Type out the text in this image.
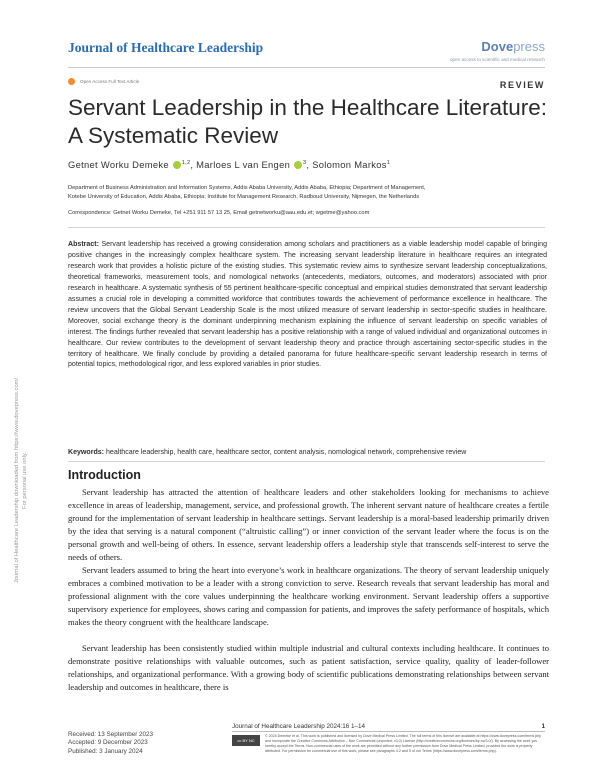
Journal of Healthcare Leadership	Dovepress
open access to scientific and medical research
Open Access Full Text Article	REVIEW
Servant Leadership in the Healthcare Literature:
A Systematic Review
Getnet Worku Demeke $^{1,2}$, Marloes L van Engen $^3$, Solomon Markos$^1$
Department of Business Administration and Information Systems, Addis Ababa University, Addis Ababa, Ethiopia; Department of Management,
Kotebe University of Education, Addis Ababa, Ethiopia; Institute for Management Research, Radboud University, Nijmegen, the Netherlands
Correspondence: Getnet Worku Demeke, Tel +251 911 57 13 25, Email getnetworku@aau.edu.et; wgetme@yahoo.com
Abstract: Servant leadership has received a growing consideration among scholars and practitioners as a viable leadership model capable of bringing positive changes in the increasingly complex healthcare system. The increasing servant leadership literature in healthcare requires an integrated research work that provides a holistic picture of the existing studies. This systematic review aims to synthesize servant leadership conceptualizations, theoretical frameworks, measurement tools, and nomological networks (antecedents, mediators, outcomes, and moderators) associated with prior research in healthcare. A systematic synthesis of 55 pertinent healthcare-specific conceptual and empirical studies demonstrated that servant leadership assumes a crucial role in developing a committed workforce that contributes towards the achievement of performance excellence in healthcare. The review uncovers that the Global Servant Leadership Scale is the most utilized measure of servant leadership in sector-specific studies in healthcare. Moreover, social exchange theory is the dominant underpinning mechanism explaining the influence of servant leadership on specific variables of interest. The findings further revealed that servant leadership has a positive relationship with a range of valued individual and organizational outcomes in healthcare. Our review contributes to the development of servant leadership theory and practice through ascertaining sector-specific studies in the territory of healthcare. We finally conclude by providing a detailed panorama for future healthcare-specific servant leadership research in terms of potential topics, methodological rigor, and less explored variables in prior studies.
Keywords: healthcare leadership, health care, healthcare sector, content analysis, nomological network, comprehensive review
Introduction
Servant leadership has attracted the attention of healthcare leaders and other stakeholders looking for mechanisms to achieve excellence in areas of leadership, management, service, and professional growth. The inherent servant nature of healthcare creates a fertile ground for the implementation of servant leadership in healthcare settings. Servant leadership is a moral-based leadership primarily driven by the idea that serving is a natural component (“altruistic calling”) or inner conviction of the servant leader where the focus is on the personal growth and well-being of others. In essence, servant leadership offers a leadership style that transcends self-interest to serve the needs of others.
Servant leaders assumed to bring the heart into everyone’s work in healthcare organizations. The theory of servant leadership uniquely embraces a combined motivation to be a leader with a strong conviction to serve. Research reveals that servant leadership has moral and professional alignment with the core values underpinning the healthcare working environment. Servant leadership offers a supportive supervisory experience for employees, shows caring and compassion for patients, and improves the safety performance of hospitals, which makes the theory congruent with the healthcare landscape.
Servant leadership has been consistently studied within multiple industrial and cultural contexts including healthcare. It continues to demonstrate positive relationships with valuable outcomes, such as patient satisfaction, service quality, quality of leader-follower relationships, and organizational performance. With a growing body of scientific publications demonstrating relationships between servant leadership and outcomes in healthcare, there is
Journal of Healthcare Leadership downloaded from https://www.dovepress.com/ For personal use only.
Journal of Healthcare Leadership 2024:16 1–14	1
Received: 13 September 2023
Accepted: 9 December 2023
Published: 3 January 2024
cc BY NC
© 2024 Demeke et al. This work is published and licensed by Dove Medical Press Limited. The full terms of this license are available at https://www.dovepress.com/terms.php and incorporate the Creative Commons Attribution – Non Commercial (unported, v3.0) License (http://creativecommons.org/licenses/by-nc/3.0/). By accessing the work you hereby accept the Terms. Non-commercial uses of the work are permitted without any further permission from Dove Medical Press Limited, provided the work is properly attributed. For permission for commercial use of this work, please see paragraphs 4.2 and 5 of our Terms (https://www.dovepress.com/terms.php).
